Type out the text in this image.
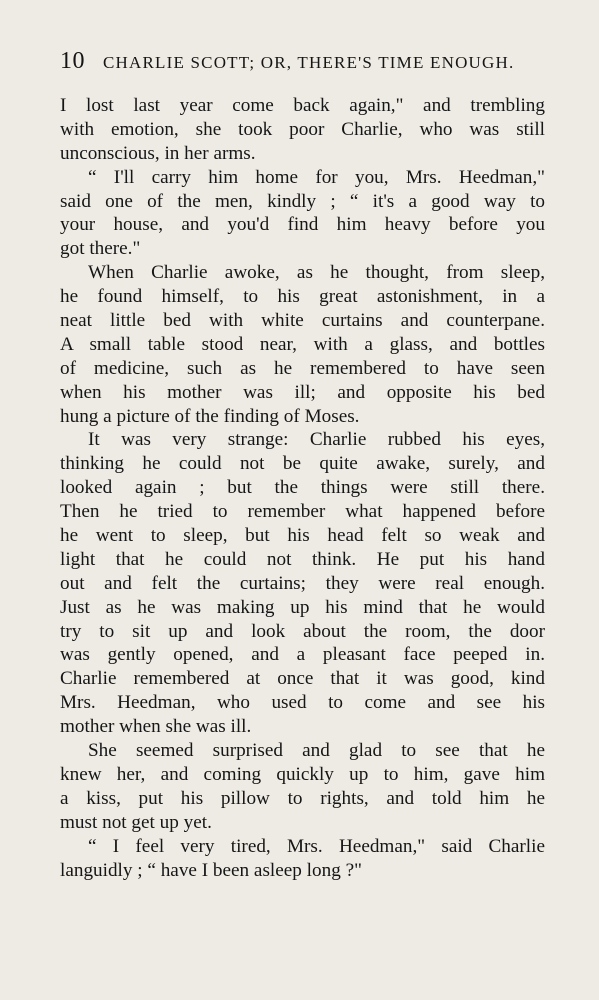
10 CHARLIE SCOTT; OR, THERE'S TIME ENOUGH.
I lost last year come back again," and trembling
with emotion, she took poor Charlie, who was still
unconscious, in her arms.
“ I'll carry him home for you, Mrs. Heedman,"
said one of the men, kindly ; “ it's a good way to
your house, and you'd find him heavy before you
got there."
When Charlie awoke, as he thought, from sleep,
he found himself, to his great astonishment, in a
neat little bed with white curtains and counterpane.
A small table stood near, with a glass, and bottles
of medicine, such as he remembered to have seen
when his mother was ill; and opposite his bed
hung a picture of the finding of Moses.
It was very strange: Charlie rubbed his eyes,
thinking he could not be quite awake, surely, and
looked again ; but the things were still there.
Then he tried to remember what happened before
he went to sleep, but his head felt so weak and
light that he could not think. He put his hand
out and felt the curtains; they were real enough.
Just as he was making up his mind that he would
try to sit up and look about the room, the door
was gently opened, and a pleasant face peeped in.
Charlie remembered at once that it was good, kind
Mrs. Heedman, who used to come and see his
mother when she was ill.
She seemed surprised and glad to see that he
knew her, and coming quickly up to him, gave him
a kiss, put his pillow to rights, and told him he
must not get up yet.
“ I feel very tired, Mrs. Heedman," said Charlie
languidly ; “ have I been asleep long ?"
